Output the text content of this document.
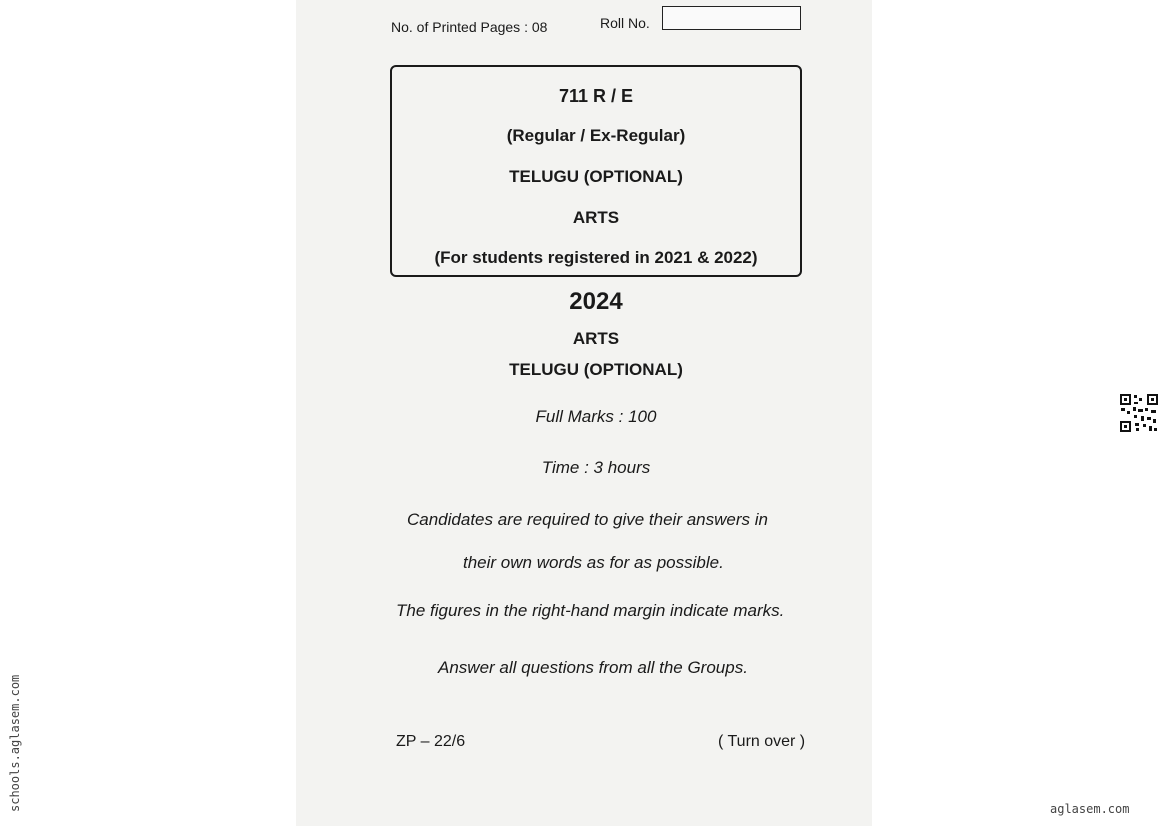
No. of Printed Pages : 08	Roll No.
711 R / E
(Regular / Ex-Regular)
TELUGU (OPTIONAL)
ARTS
(For students registered in 2021 & 2022)
2024
ARTS
TELUGU (OPTIONAL)
Full Marks : 100
Time : 3 hours
Candidates are required to give their answers in
their own words as for as possible.
The figures in the right-hand margin indicate marks.
Answer all questions from all the Groups.
ZP – 22/6	( Turn over )
schools.aglasem.com	aglasem.com
